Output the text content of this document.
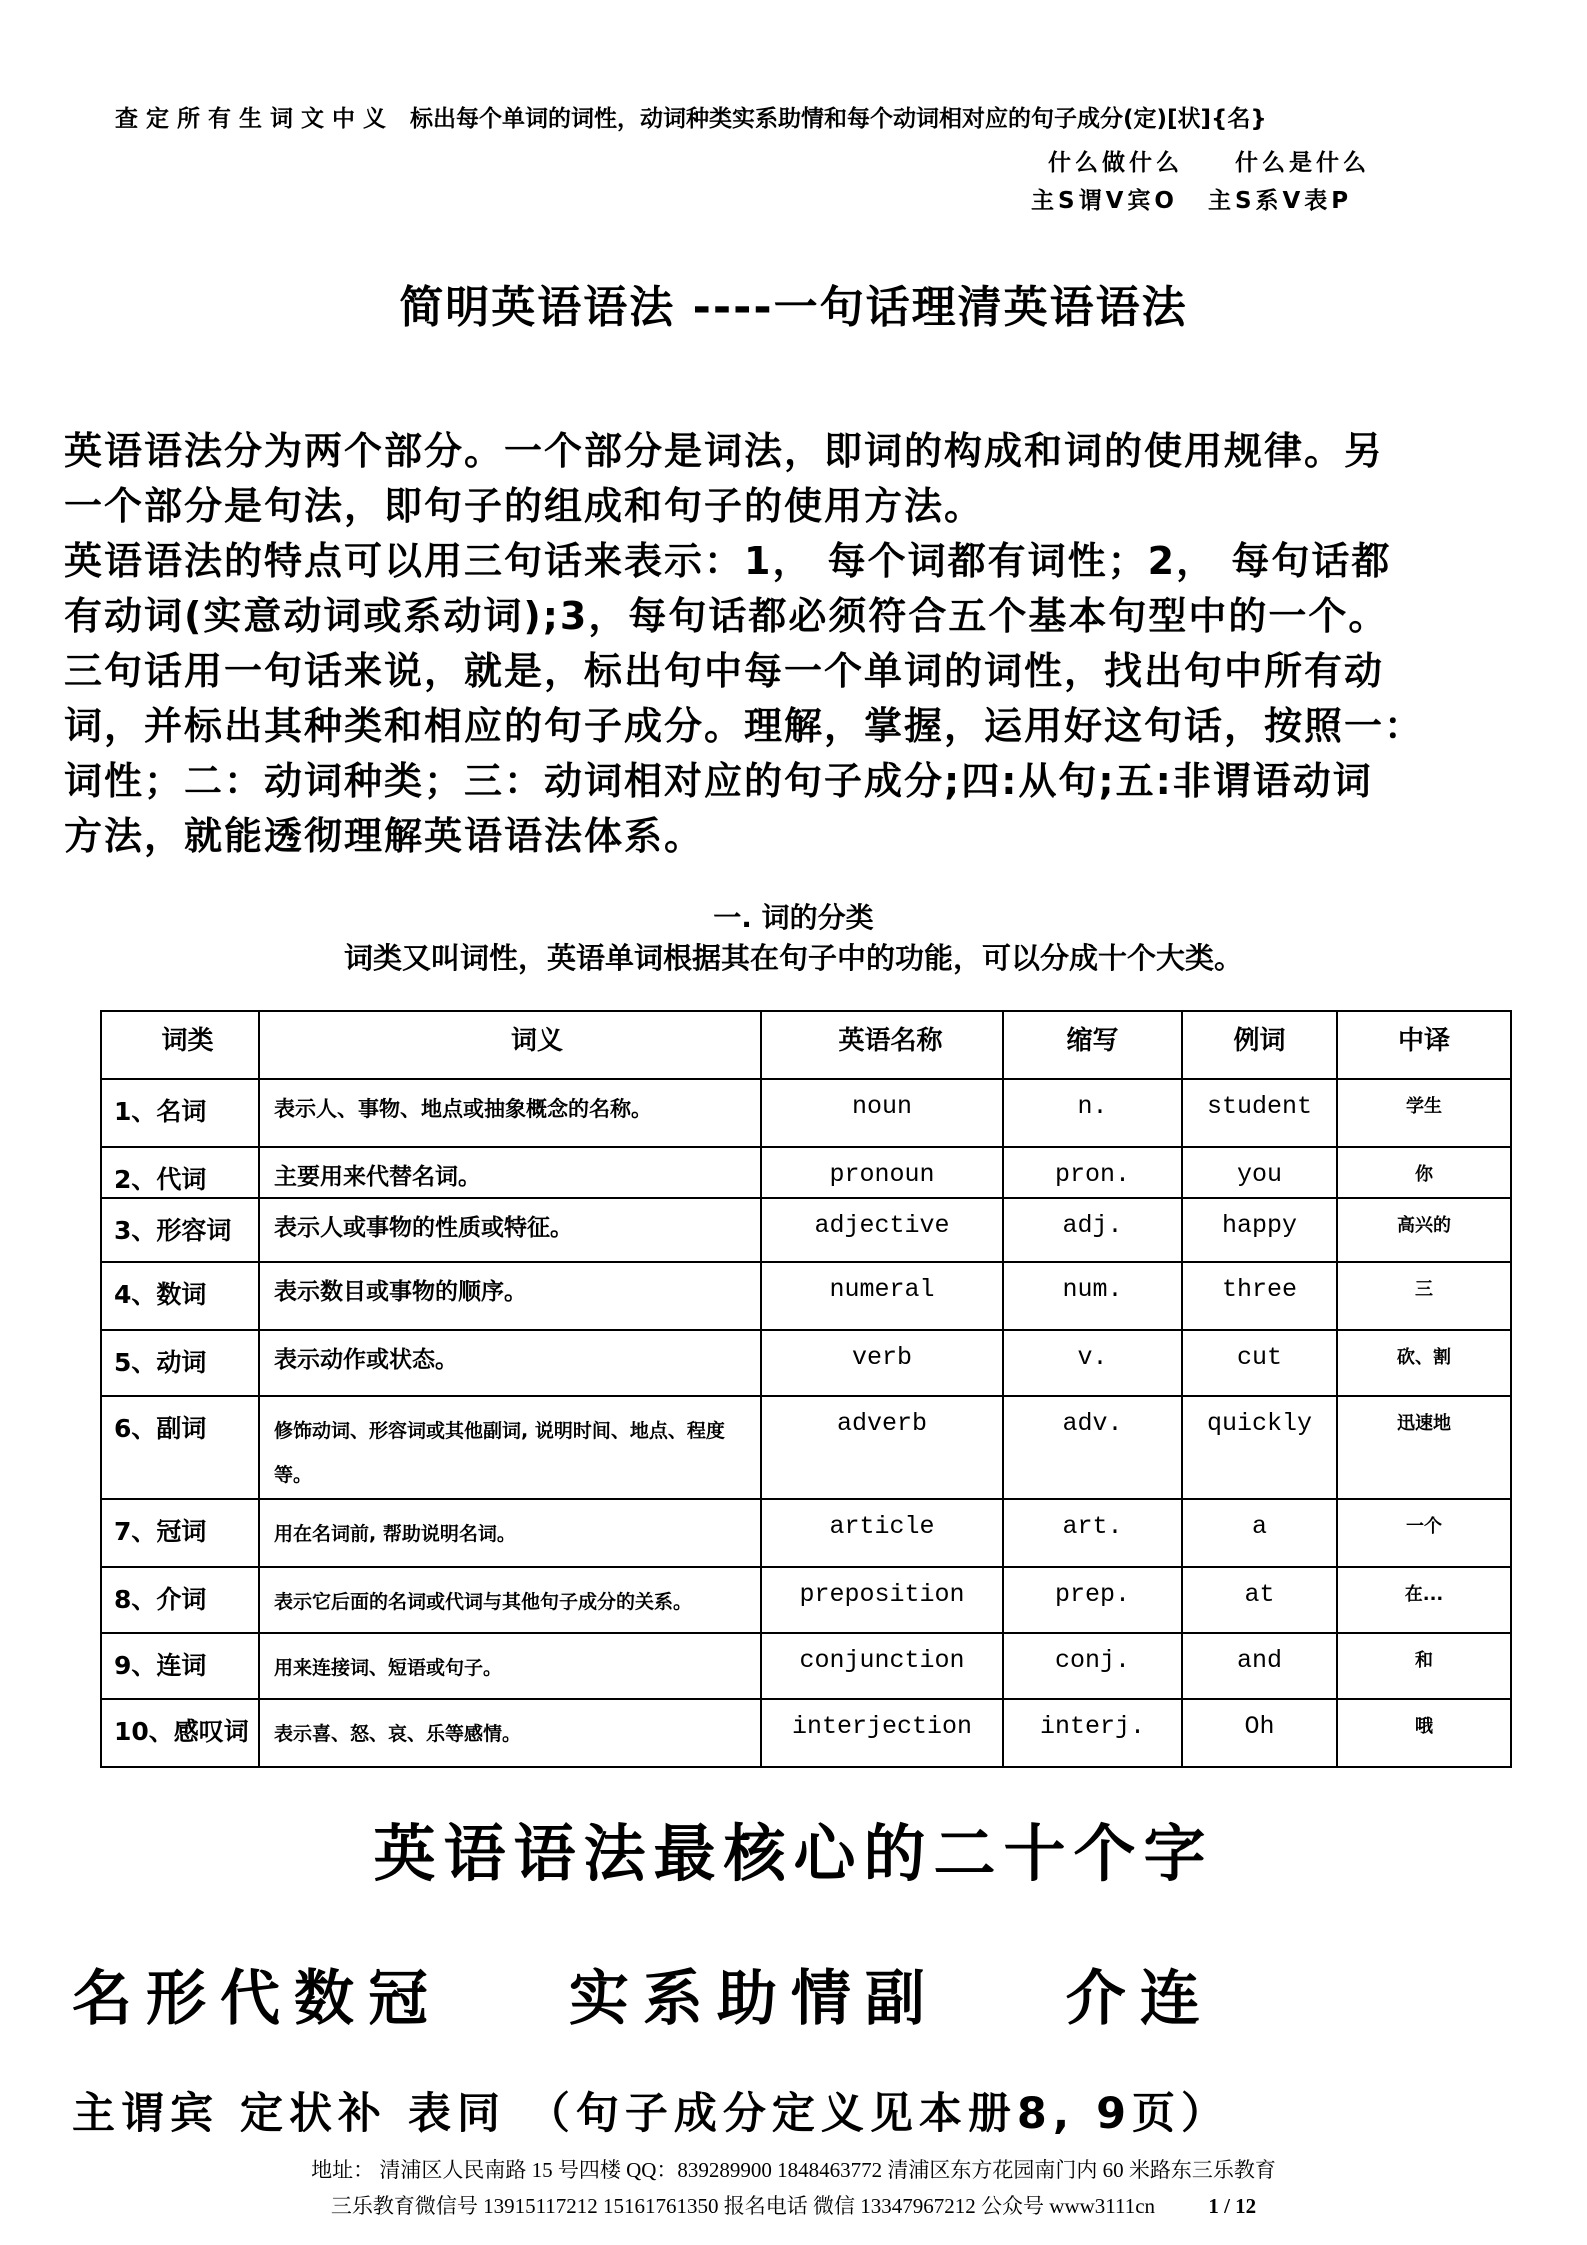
查定所有生词文中义 标出每个单词的词性，动词种类实系助情和每个动词相对应的句子成分(定)[状]{名}
什么做什么 什么是什么
主S谓V宾O 主S系V表P
简明英语语法 ----一句话理清英语语法
英语语法分为两个部分。一个部分是词法，即词的构成和词的使用规律。另
一个部分是句法，即句子的组成和句子的使用方法。
英语语法的特点可以用三句话来表示：1， 每个词都有词性；2， 每句话都
有动词(实意动词或系动词);3，每句话都必须符合五个基本句型中的一个。
三句话用一句话来说，就是，标出句中每一个单词的词性，找出句中所有动
词，并标出其种类和相应的句子成分。理解，掌握，运用好这句话，按照一：
词性；二：动词种类；三：动词相对应的句子成分;四:从句;五:非谓语动词
方法，就能透彻理解英语语法体系。
一. 词的分类
词类又叫词性，英语单词根据其在句子中的功能，可以分成十个大类。
词类	词义	英语名称	缩写	例词	中译
1、名词	表示人、事物、地点或抽象概念的名称。	noun	n.	student	学生
2、代词	主要用来代替名词。	pronoun	pron.	you	你
3、形容词	表示人或事物的性质或特征。	adjective	adj.	happy	高兴的
4、数词	表示数目或事物的顺序。	numeral	num.	three	三
5、动词	表示动作或状态。	verb	v.	cut	砍、割
6、副词	修饰动词、形容词或其他副词, 说明时间、地点、程度等。	adverb	adv.	quickly	迅速地
7、冠词	用在名词前, 帮助说明名词。	article	art.	a	一个
8、介词	表示它后面的名词或代词与其他句子成分的关系。	preposition	prep.	at	在...
9、连词	用来连接词、短语或句子。	conjunction	conj.	and	和
10、感叹词	表示喜、怒、哀、乐等感情。	interjection	interj.	Oh	哦
英语语法最核心的二十个字
名形代数冠 实系助情副 介连
主谓宾 定状补 表同 （句子成分定义见本册8, 9页）
地址： 清浦区人民南路 15 号四楼 QQ：839289900 1848463772 清浦区东方花园南门内 60 米路东三乐教育
三乐教育微信号 13915117212 15161761350 报名电话 微信 13347967212 公众号 www3111cn	1 / 12
